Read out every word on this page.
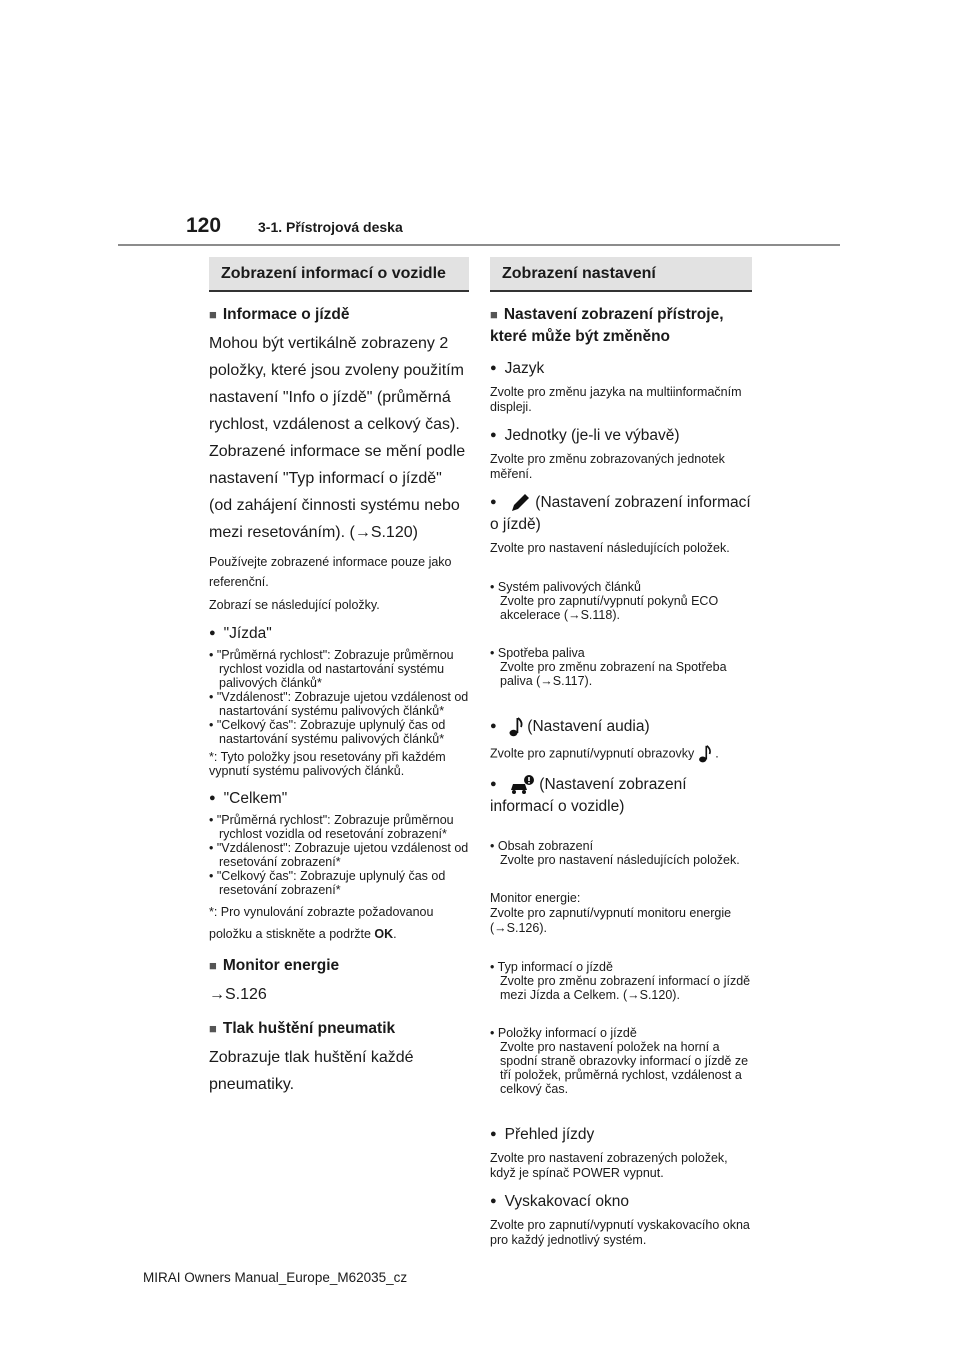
120	3-1. Přístrojová deska
Zobrazení informací o vozidle
■ Informace o jízdě
Mohou být vertikálně zobrazeny 2 položky, které jsou zvoleny použitím nastavení "Info o jízdě" (průměrná rychlost, vzdálenost a celkový čas). Zobrazené informace se mění podle nastavení "Typ informací o jízdě" (od zahájení činnosti systému nebo mezi resetováním). (→S.120)
Používejte zobrazené informace pouze jako referenční.
Zobrazí se následující položky.
● "Jízda"
• "Průměrná rychlost": Zobrazuje průměrnou rychlost vozidla od nastartování systému palivových článků*
• "Vzdálenost": Zobrazuje ujetou vzdálenost od nastartování systému palivových článků*
• "Celkový čas": Zobrazuje uplynulý čas od nastartování systému palivových článků*
*: Tyto položky jsou resetovány při každém vypnutí systému palivových článků.
● "Celkem"
• "Průměrná rychlost": Zobrazuje průměrnou rychlost vozidla od resetování zobrazení*
• "Vzdálenost": Zobrazuje ujetou vzdálenost od resetování zobrazení*
• "Celkový čas": Zobrazuje uplynulý čas od resetování zobrazení*
*: Pro vynulování zobrazte požadovanou položku a stiskněte a podržte OK.
■ Monitor energie
→S.126
■ Tlak huštění pneumatik
Zobrazuje tlak huštění každé pneumatiky.
Zobrazení nastavení
■ Nastavení zobrazení přístroje, které může být změněno
● Jazyk
Zvolte pro změnu jazyka na multiinformačním displeji.
● Jednotky (je-li ve výbavě)
Zvolte pro změnu zobrazovaných jednotek měření.
● (Nastavení zobrazení informací o jízdě)
Zvolte pro nastavení následujících položek.

• Systém palivových článků
Zvolte pro zapnutí/vypnutí pokynů ECO akcelerace (→S.118).

• Spotřeba paliva
Zvolte pro změnu zobrazení na Spotřeba paliva (→S.117).

● (Nastavení audia)
Zvolte pro zapnutí/vypnutí obrazovky  .
● (Nastavení zobrazení informací o vozidle)

• Obsah zobrazení
Zvolte pro nastavení následujících položek.

Monitor energie:
Zvolte pro zapnutí/vypnutí monitoru energie (→S.126).

• Typ informací o jízdě
Zvolte pro změnu zobrazení informací o jízdě mezi Jízda a Celkem. (→S.120).

• Položky informací o jízdě
Zvolte pro nastavení položek na horní a spodní straně obrazovky informací o jízdě ze tří položek, průměrná rychlost, vzdálenost a celkový čas.

● Přehled jízdy
Zvolte pro nastavení zobrazených položek, když je spínač POWER vypnut.
● Vyskakovací okno
Zvolte pro zapnutí/vypnutí vyskakovacího okna pro každý jednotlivý systém.
MIRAI Owners Manual_Europe_M62035_cz
